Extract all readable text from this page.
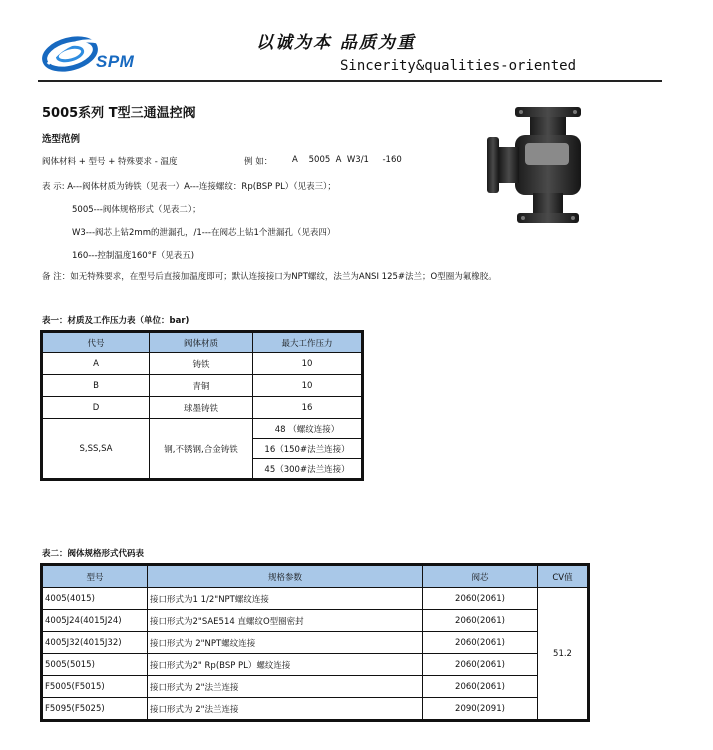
SPM
以诚为本 品质为重
Sincerity&qualities-oriented
5005系列 T型三通温控阀
选型范例
阀体材料 + 型号 + 特殊要求 - 温度	例 如： A    5005  A  W3/1     -160
表 示: A---阀体材质为铸铁（见表一）A---连接螺纹：Rp(BSP PL）（见表三）；
5005---阀体规格形式（见表二）；
W3---阀芯上钻2mm的泄漏孔，/1---在阀芯上钻1个泄漏孔（见表四）
160---控制温度160°F（见表五)
备 注：如无特殊要求，在型号后直接加温度即可；默认连接接口为NPT螺纹，法兰为ANSI 125#法兰；O型圈为氟橡胶。
表一：材质及工作压力表（单位：bar)
代号	阀体材质	最大工作压力
A	铸铁	10
B	青铜	10
D	球墨铸铁	16
S,SS,SA	钢,不锈钢,合金铸铁	48 （螺纹连接）
		16（150#法兰连接）
		45（300#法兰连接）
表二：阀体规格形式代码表
型号	规格参数	阀芯	CV值
4005(4015)	接口形式为1 1/2"NPT螺纹连接	2060(2061)	51.2
4005J24(4015J24)	接口形式为2"SAE514 直螺纹O型圈密封	2060(2061)	
4005J32(4015J32)	接口形式为 2"NPT螺纹连接	2060(2061)	
5005(5015)	接口形式为2" Rp(BSP PL）螺纹连接	2060(2061)	
F5005(F5015)	接口形式为 2"法兰连接	2060(2061)	
F5095(F5025)	接口形式为 2"法兰连接	2090(2091)	
